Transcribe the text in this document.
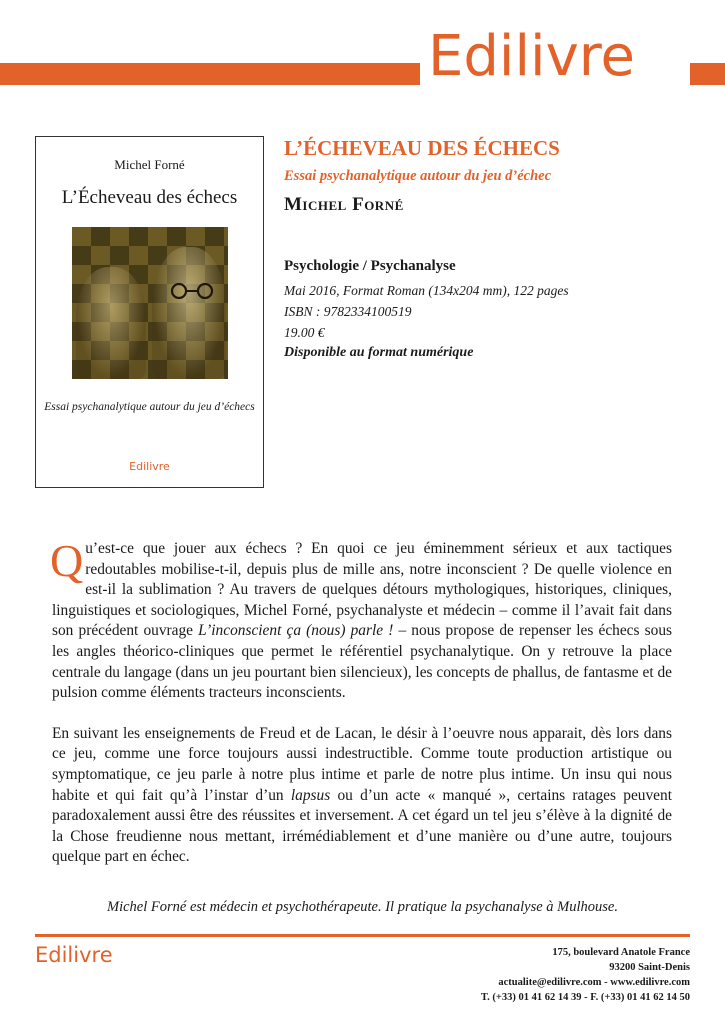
Edilivre
Michel Forné
L’Écheveau des échecs
Essai psychanalytique autour du jeu d’échecs
Edilivre
L’ÉCHEVEAU DES ÉCHECS
Essai psychanalytique autour du jeu d’échec
Michel Forné
Psychologie / Psychanalyse
Mai 2016, Format Roman (134x204 mm), 122 pages
ISBN : 9782334100519
19.00 €
Disponible au format numérique

Qu’est-ce que jouer aux échecs ? En quoi ce jeu éminemment sérieux et aux tactiques redoutables mobilise-t-il, depuis plus de mille ans, notre inconscient ? De quelle violence en est-il la sublimation ? Au travers de quelques détours mythologiques, historiques, cliniques, linguistiques et sociologiques, Michel Forné, psychanalyste et médecin – comme il l’avait fait dans son précédent ouvrage L’inconscient ça (nous) parle ! – nous propose de repenser les échecs sous les angles théorico-cliniques que permet le référentiel psychanalytique. On y retrouve la place centrale du langage (dans un jeu pourtant bien silencieux), les concepts de phallus, de fantasme et de pulsion comme éléments tracteurs inconscients.

En suivant les enseignements de Freud et de Lacan, le désir à l’oeuvre nous apparait, dès lors dans ce jeu, comme une force toujours aussi indestructible. Comme toute production artistique ou symptomatique, ce jeu parle à notre plus intime et parle de notre plus intime. Un insu qui nous habite et qui fait qu’à l’instar d’un lapsus ou d’un acte « manqué », certains ratages peuvent paradoxalement aussi être des réussites et inversement. A cet égard un tel jeu s’élève à la dignité de la Chose freudienne nous mettant, irrémédiablement et d’une manière ou d’une autre, toujours quelque part en échec.

Michel Forné est médecin et psychothérapeute. Il pratique la psychanalyse à Mulhouse.
Edilivre	175, boulevard Anatole France
93200 Saint-Denis
actualite@edilivre.com - www.edilivre.com
T. (+33) 01 41 62 14 39 - F. (+33) 01 41 62 14 50
